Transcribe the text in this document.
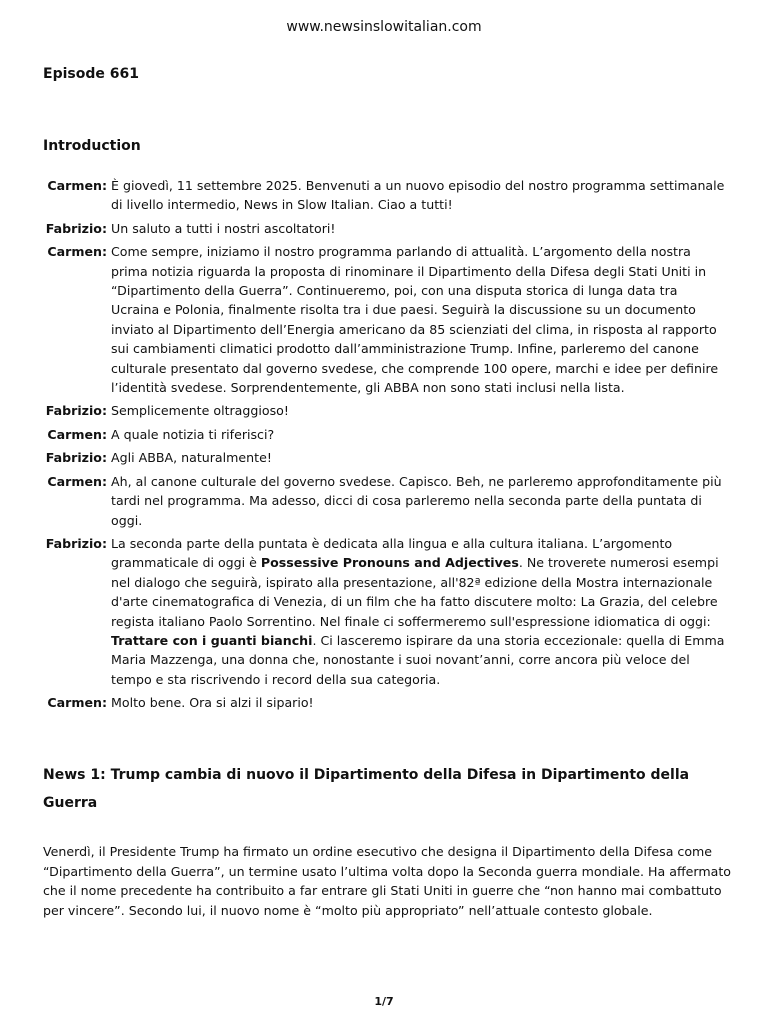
www.newsinslowitalian.com
Episode 661
Introduction
Carmen:	È giovedì, 11 settembre 2025. Benvenuti a un nuovo episodio del nostro programma settimanale di livello intermedio, News in Slow Italian. Ciao a tutti!
Fabrizio:	Un saluto a tutti i nostri ascoltatori!
Carmen:	Come sempre, iniziamo il nostro programma parlando di attualità. L’argomento della nostra prima notizia riguarda la proposta di rinominare il Dipartimento della Difesa degli Stati Uniti in “Dipartimento della Guerra”. Continueremo, poi, con una disputa storica di lunga data tra Ucraina e Polonia, finalmente risolta tra i due paesi. Seguirà la discussione su un documento inviato al Dipartimento dell’Energia americano da 85 scienziati del clima, in risposta al rapporto sui cambiamenti climatici prodotto dall’amministrazione Trump. Infine, parleremo del canone culturale presentato dal governo svedese, che comprende 100 opere, marchi e idee per definire l’identità svedese. Sorprendentemente, gli ABBA non sono stati inclusi nella lista.
Fabrizio:	Semplicemente oltraggioso!
Carmen:	A quale notizia ti riferisci?
Fabrizio:	Agli ABBA, naturalmente!
Carmen:	Ah, al canone culturale del governo svedese. Capisco. Beh, ne parleremo approfonditamente più tardi nel programma. Ma adesso, dicci di cosa parleremo nella seconda parte della puntata di oggi.
Fabrizio:	La seconda parte della puntata è dedicata alla lingua e alla cultura italiana. L’argomento grammaticale di oggi è Possessive Pronouns and Adjectives. Ne troverete numerosi esempi nel dialogo che seguirà, ispirato alla presentazione, all'82ª edizione della Mostra internazionale d'arte cinematografica di Venezia, di un film che ha fatto discutere molto: La Grazia, del celebre regista italiano Paolo Sorrentino. Nel finale ci soffermeremo sull'espressione idiomatica di oggi: Trattare con i guanti bianchi. Ci lasceremo ispirare da una storia eccezionale: quella di Emma Maria Mazzenga, una donna che, nonostante i suoi novant’anni, corre ancora più veloce del tempo e sta riscrivendo i record della sua categoria.
Carmen:	Molto bene. Ora si alzi il sipario!
News 1: Trump cambia di nuovo il Dipartimento della Difesa in Dipartimento della Guerra
Venerdì, il Presidente Trump ha firmato un ordine esecutivo che designa il Dipartimento della Difesa come “Dipartimento della Guerra”, un termine usato l’ultima volta dopo la Seconda guerra mondiale. Ha affermato che il nome precedente ha contribuito a far entrare gli Stati Uniti in guerre che “non hanno mai combattuto per vincere”. Secondo lui, il nuovo nome è “molto più appropriato” nell’attuale contesto globale.
1/7
